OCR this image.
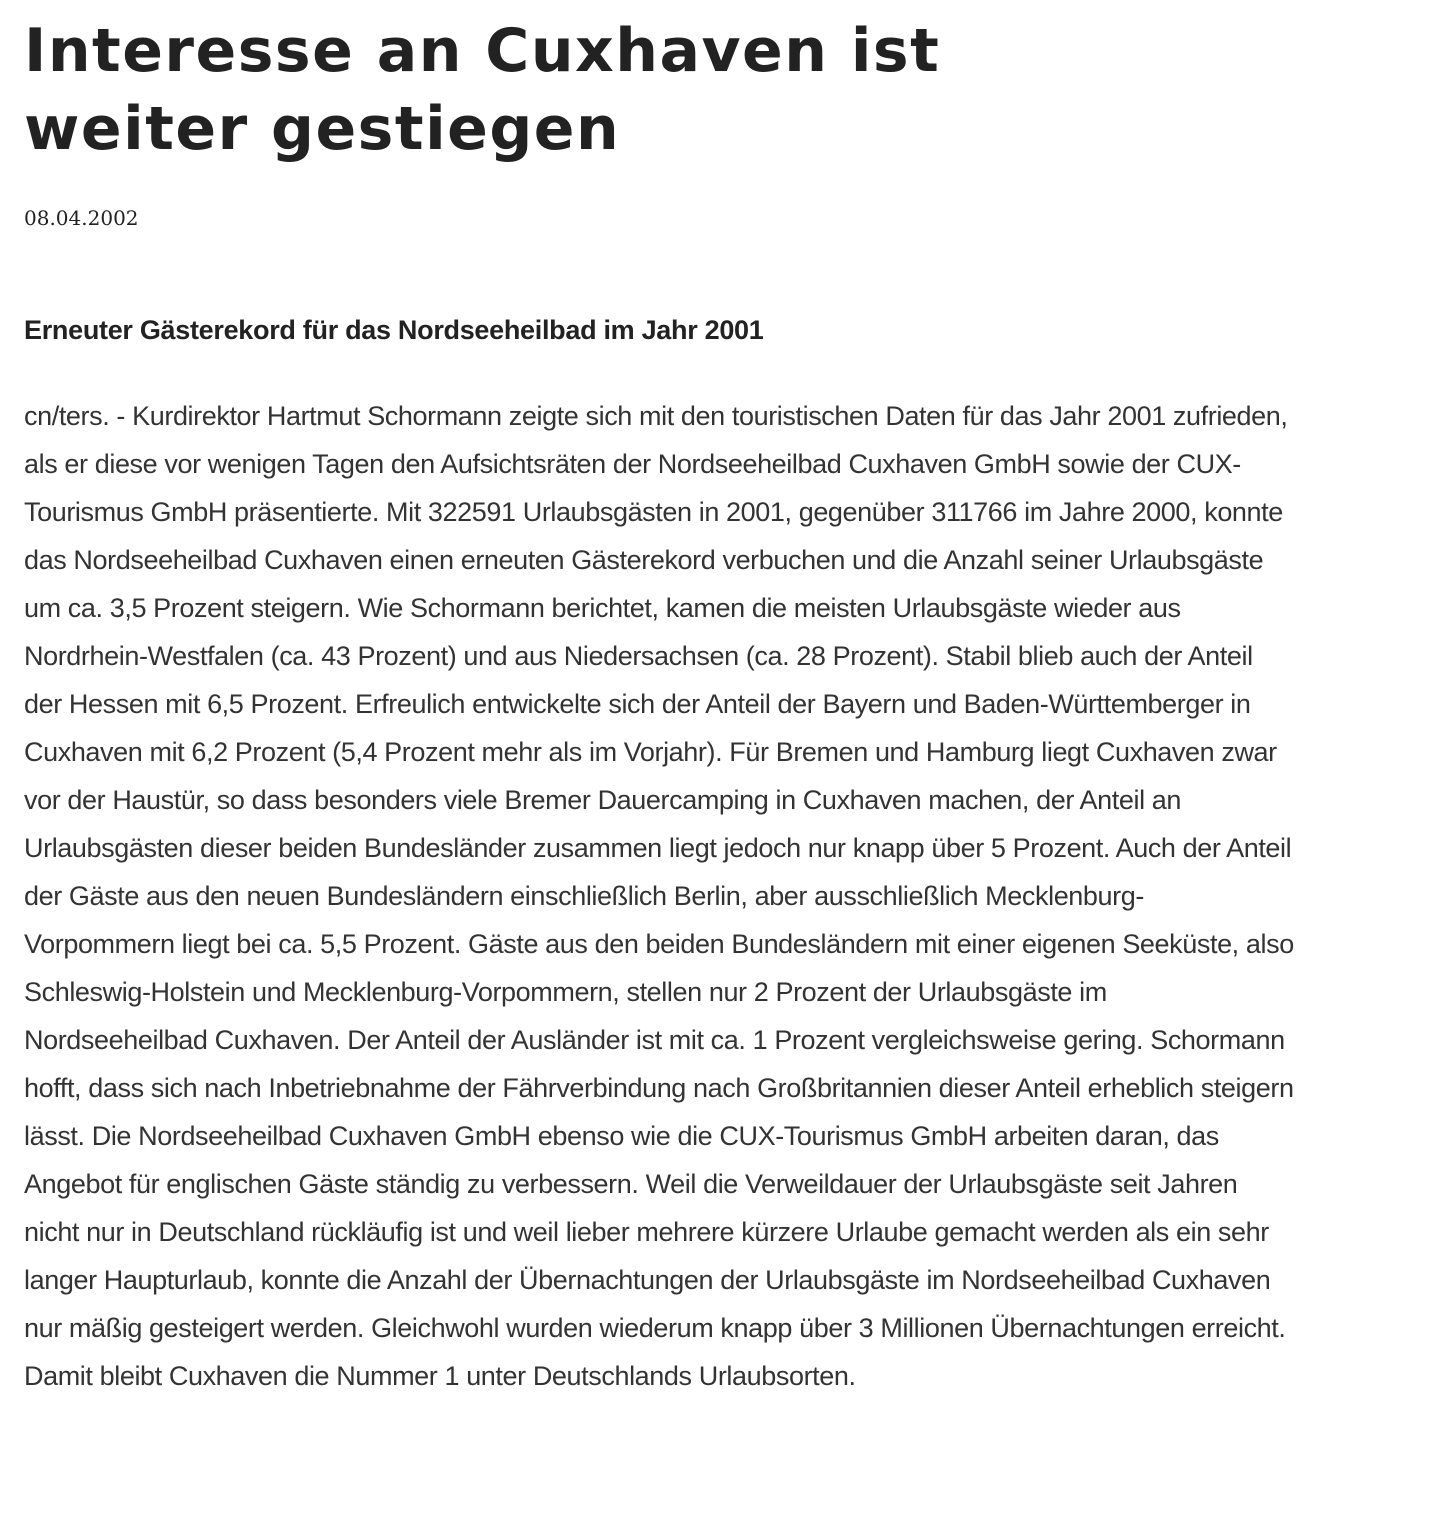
Interesse an Cuxhaven ist weiter gestiegen
08.04.2002
Erneuter Gästerekord für das Nordseeheilbad im Jahr 2001

cn/ters. - Kurdirektor Hartmut Schormann zeigte sich mit den touristischen Daten für das Jahr 2001 zufrieden, als er diese vor wenigen Tagen den Aufsichtsräten der Nordseeheilbad Cuxhaven GmbH sowie der CUX-Tourismus GmbH präsentierte. Mit 322591 Urlaubsgästen in 2001, gegenüber 311766 im Jahre 2000, konnte das Nordseeheilbad Cuxhaven einen erneuten Gästerekord verbuchen und die Anzahl seiner Urlaubsgäste um ca. 3,5 Prozent steigern. Wie Schormann berichtet, kamen die meisten Urlaubsgäste wieder aus Nordrhein-Westfalen (ca. 43 Prozent) und aus Niedersachsen (ca. 28 Prozent). Stabil blieb auch der Anteil der Hessen mit 6,5 Prozent. Erfreulich entwickelte sich der Anteil der Bayern und Baden-Württemberger in Cuxhaven mit 6,2 Prozent (5,4 Prozent mehr als im Vorjahr). Für Bremen und Hamburg liegt Cuxhaven zwar vor der Haustür, so dass besonders viele Bremer Dauercamping in Cuxhaven machen, der Anteil an Urlaubsgästen dieser beiden Bundesländer zusammen liegt jedoch nur knapp über 5 Prozent. Auch der Anteil der Gäste aus den neuen Bundesländern einschließlich Berlin, aber ausschließlich Mecklenburg-Vorpommern liegt bei ca. 5,5 Prozent. Gäste aus den beiden Bundesländern mit einer eigenen Seeküste, also Schleswig-Holstein und Mecklenburg-Vorpommern, stellen nur 2 Prozent der Urlaubsgäste im Nordseeheilbad Cuxhaven. Der Anteil der Ausländer ist mit ca. 1 Prozent vergleichsweise gering. Schormann hofft, dass sich nach Inbetriebnahme der Fährverbindung nach Großbritannien dieser Anteil erheblich steigern lässt. Die Nordseeheilbad Cuxhaven GmbH ebenso wie die CUX-Tourismus GmbH arbeiten daran, das Angebot für englischen Gäste ständig zu verbessern. Weil die Verweildauer der Urlaubsgäste seit Jahren nicht nur in Deutschland rückläufig ist und weil lieber mehrere kürzere Urlaube gemacht werden als ein sehr langer Haupturlaub, konnte die Anzahl der Übernachtungen der Urlaubsgäste im Nordseeheilbad Cuxhaven nur mäßig gesteigert werden. Gleichwohl wurden wiederum knapp über 3 Millionen Übernachtungen erreicht. Damit bleibt Cuxhaven die Nummer 1 unter Deutschlands Urlaubsorten.
